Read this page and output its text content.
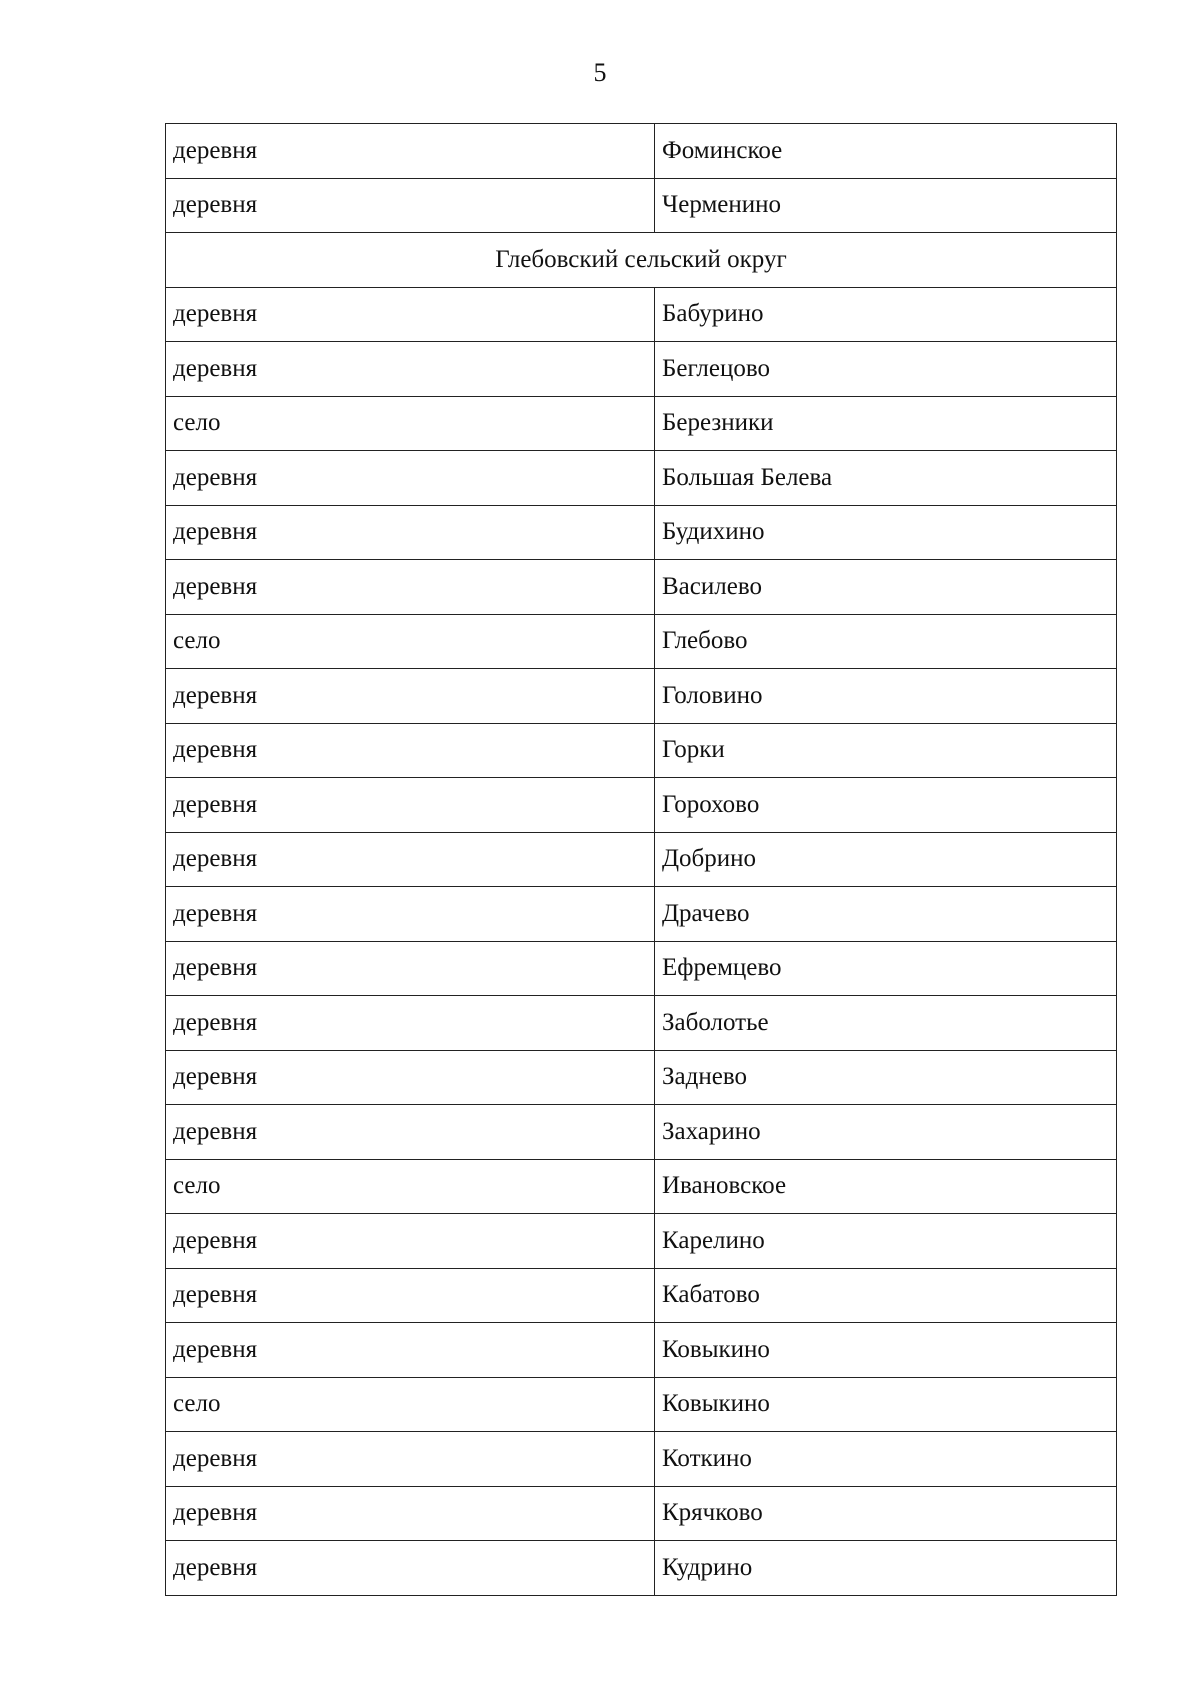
5
деревня	Фоминское
деревня	Черменино
Глебовский сельский округ	
деревня	Бабурино
деревня	Беглецово
село	Березники
деревня	Большая Белева
деревня	Будихино
деревня	Василево
село	Глебово
деревня	Головино
деревня	Горки
деревня	Горохово
деревня	Добрино
деревня	Драчево
деревня	Ефремцево
деревня	Заболотье
деревня	Заднево
деревня	Захарино
село	Ивановское
деревня	Карелино
деревня	Кабатово
деревня	Ковыкино
село	Ковыкино
деревня	Коткино
деревня	Крячково
деревня	Кудрино
